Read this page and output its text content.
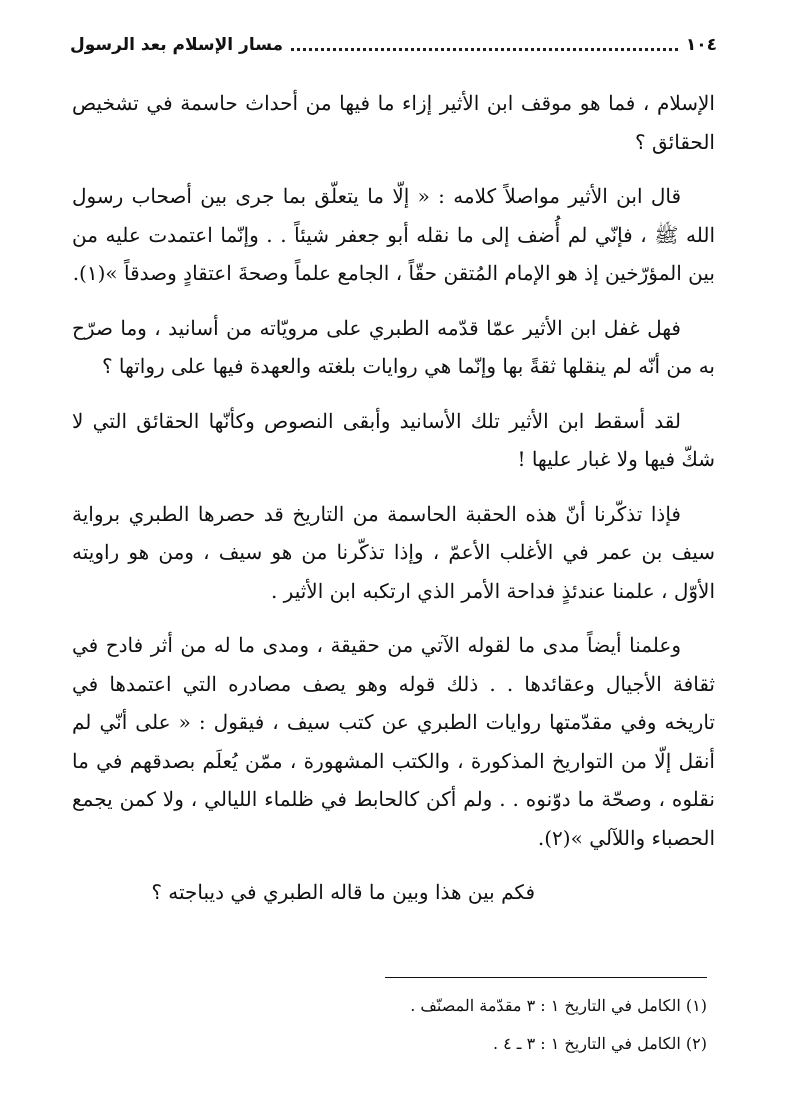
١٠٤
مسار الإسلام بعد الرسول

الإسلام ، فما هو موقف ابن الأثير إزاء ما فيها من أحداث حاسمة في تشخيص الحقائق ؟

قال ابن الأثير مواصلاً كلامه : « إلّا ما يتعلّق بما جرى بين أصحاب رسول الله ﷺ ، فإنّي لم أُضف إلى ما نقله أبو جعفر شيئاً . . وإنّما اعتمدت عليه من بين المؤرّخين إذ هو الإمام المُتقن حقّاً ، الجامع علماً وصحةَ اعتقادٍ وصدقاً »(١).

فهل غفل ابن الأثير عمّا قدّمه الطبري على مرويّاته من أسانيد ، وما صرّح به من أنّه لم ينقلها ثقةً بها وإنّما هي روايات بلغته والعهدة فيها على رواتها ؟

لقد أسقط ابن الأثير تلك الأسانيد وأبقى النصوص وكأنّها الحقائق التي لا شكّ فيها ولا غبار عليها !

فإذا تذكّرنا أنّ هذه الحقبة الحاسمة من التاريخ قد حصرها الطبري برواية سيف بن عمر في الأغلب الأعمّ ، وإذا تذكّرنا من هو سيف ، ومن هو راويته الأوّل ، علمنا عندئذٍ فداحة الأمر الذي ارتكبه ابن الأثير .

وعلمنا أيضاً مدى ما لقوله الآتي من حقيقة ، ومدى ما له من أثر فادح في ثقافة الأجيال وعقائدها . . ذلك قوله وهو يصف مصادره التي اعتمدها في تاريخه وفي مقدّمتها روايات الطبري عن كتب سيف ، فيقول : « على أنّي لم أنقل إلّا من التواريخ المذكورة ، والكتب المشهورة ، ممّن يُعلَم بصدقهم في ما نقلوه ، وصحّة ما دوّنوه . . ولم أكن كالحابط في ظلماء الليالي ، ولا كمن يجمع الحصباء واللآلي »(٢).

فكم بين هذا وبين ما قاله الطبري في ديباجته ؟

(١) الكامل في التاريخ ١ : ٣ مقدّمة المصنّف .
(٢) الكامل في التاريخ ١ : ٣ ـ ٤ .
